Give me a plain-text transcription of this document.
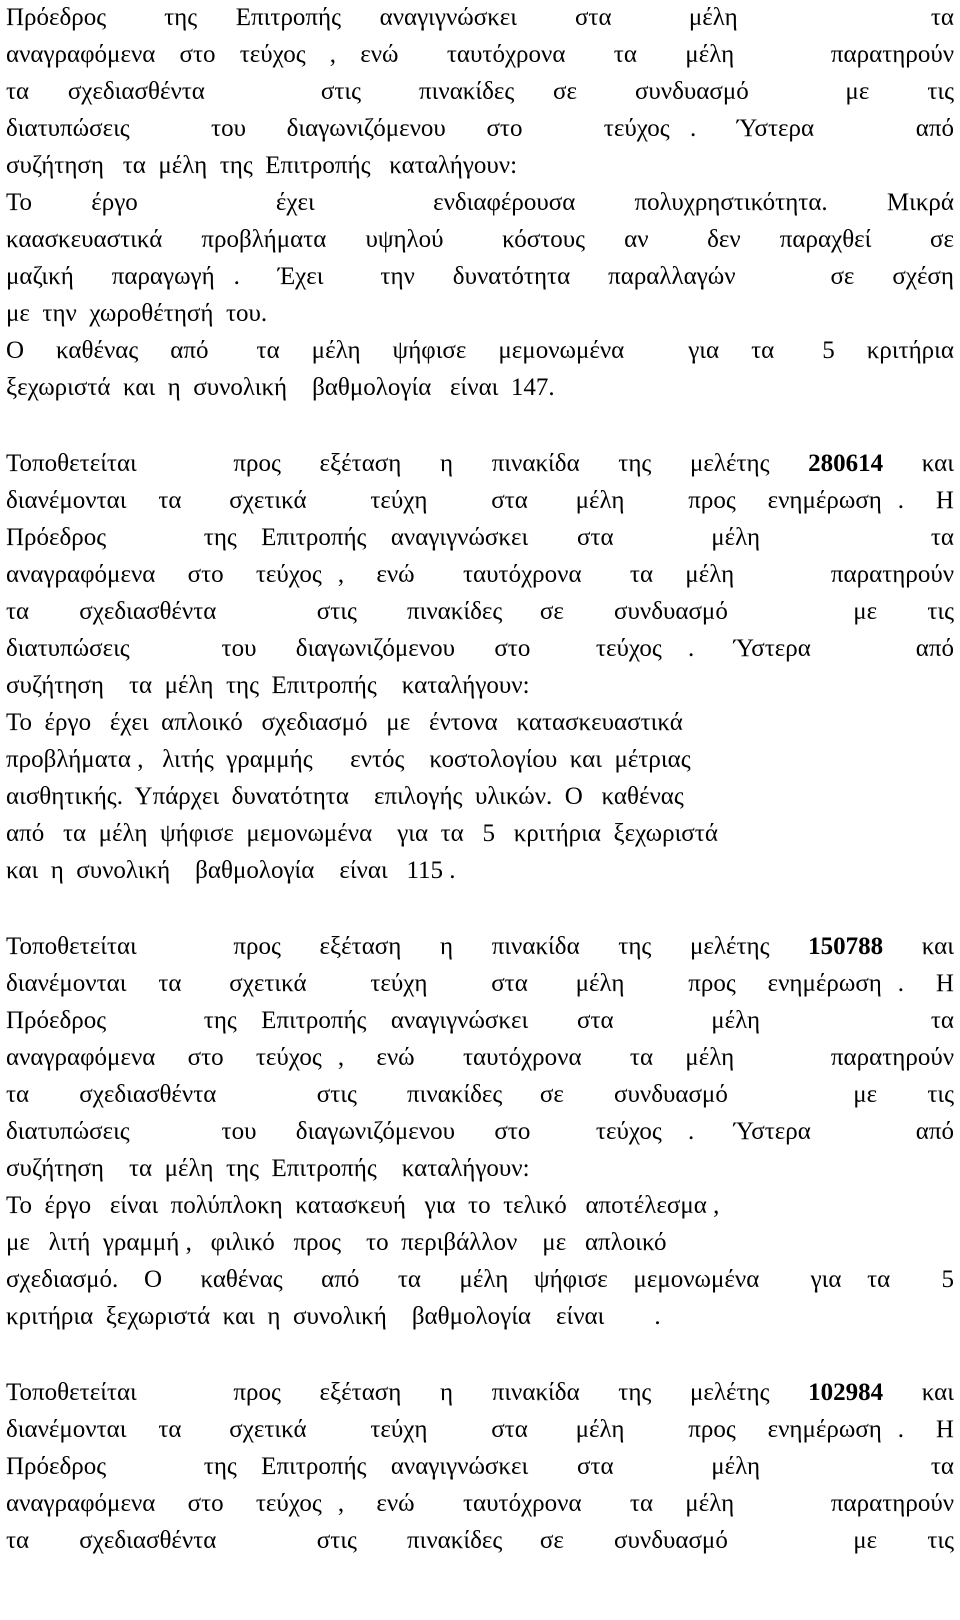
Πρόεδρος   της  Επιτροπής  αναγιγνώσκει   στα    μέλη          τα
αναγραφόμενα στο τεύχος , ενώ  ταυτόχρονα  τα  μέλη    παρατηρούν
τα  σχεδιασθέντα      στις   πινακίδες  σε   συνδυασμό     με   τις
διατυπώσεις    του  διαγωνιζόμενου  στο    τεύχος .  Ύστερα     από
συζήτηση   τα  μέλη  της  Επιτροπής   καταλήγουν:
Το   έργο       έχει      ενδιαφέρουσα   πολυχρηστικότητα.   Μικρά
καασκευαστικά  προβλήματα  υψηλού   κόστους  αν   δεν  παραχθεί   σε
μαζική  παραγωγή .  Έχει   την  δυνατότητα  παραλλαγών     σε  σχέση
με  την  χωροθέτησή  του.
Ο  καθένας  από   τα  μέλη  ψήφισε  μεμονωμένα    για  τα   5  κριτήρια
ξεχωριστά  και  η  συνολική    βαθμολογία   είναι  147.
Τοποθετείται     προς  εξέταση  η  πινακίδα  της  μελέτης  280614  και
διανέμονται  τα   σχετικά    τεύχη    στα   μέλη    προς  ενημέρωση .  Η
Πρόεδρος        της  Επιτροπής  αναγιγνώσκει    στα        μέλη              τα
αναγραφόμενα  στο  τεύχος ,  ενώ   ταυτόχρονα   τα  μέλη      παρατηρούν
τα    σχεδιασθέντα        στις    πινακίδες   σε    συνδυασμό          με    τις
διατυπώσεις       του   διαγωνιζόμενου   στο     τεύχος  .   Ύστερα        από
συζήτηση    τα  μέλη  της  Επιτροπής    καταλήγουν:
Το  έργο   έχει  απλοικό   σχεδιασμό   με   έντονα   κατασκευαστικά
προβλήματα ,   λιτής  γραμμής      εντός    κοστολογίου  και  μέτριας
αισθητικής.  Υπάρχει  δυνατότητα    επιλογής  υλικών.  Ο   καθένας
από   τα  μέλη  ψήφισε  μεμονωμένα    για  τα   5   κριτήρια  ξεχωριστά
και  η  συνολική    βαθμολογία    είναι   115 .
Τοποθετείται     προς  εξέταση  η  πινακίδα  της  μελέτης  150788  και
διανέμονται  τα   σχετικά    τεύχη    στα   μέλη    προς  ενημέρωση .  Η
Πρόεδρος        της  Επιτροπής  αναγιγνώσκει    στα        μέλη              τα
αναγραφόμενα  στο  τεύχος ,  ενώ   ταυτόχρονα   τα  μέλη      παρατηρούν
τα    σχεδιασθέντα        στις    πινακίδες   σε    συνδυασμό          με    τις
διατυπώσεις       του   διαγωνιζόμενου   στο     τεύχος  .   Ύστερα        από
συζήτηση    τα  μέλη  της  Επιτροπής    καταλήγουν:
Το  έργο   είναι  πολύπλοκη  κατασκευή   για  το  τελικό   αποτέλεσμα ,
με   λιτή  γραμμή ,   φιλικό   προς    το  περιβάλλον    με   απλοικό
σχεδιασμό.  Ο   καθένας   από   τα   μέλη  ψήφισε  μεμονωμένα    για  τα    5
κριτήρια  ξεχωριστά  και  η  συνολική    βαθμολογία    είναι        .
Τοποθετείται     προς  εξέταση  η  πινακίδα  της  μελέτης  102984  και
διανέμονται  τα   σχετικά    τεύχη    στα   μέλη    προς  ενημέρωση .  Η
Πρόεδρος        της  Επιτροπής  αναγιγνώσκει    στα        μέλη              τα
αναγραφόμενα  στο  τεύχος ,  ενώ   ταυτόχρονα   τα  μέλη      παρατηρούν
τα    σχεδιασθέντα        στις    πινακίδες   σε    συνδυασμό          με    τις
